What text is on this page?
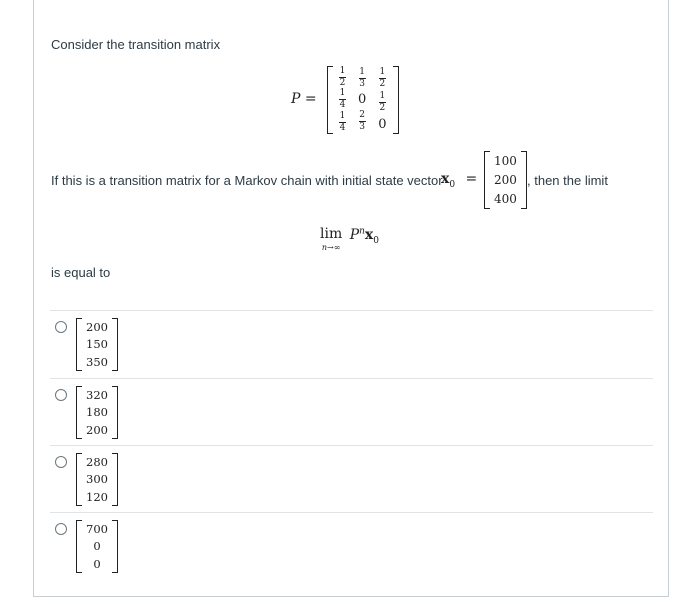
Consider the transition matrix
P =
$\frac{1}{2}$
$\frac{1}{4}$
$\frac{1}{4}$
$\frac{1}{3}$
0
$\frac{2}{3}$
$\frac{1}{2}$
$\frac{1}{2}$
0
If this is a transition matrix for a Markov chain with initial state vector
$x_0$ =
100
200
400
, then the limit
lim
n→∞
$P^nx_0$
is equal to
200
150
350
320
180
200
280
300
120
700
0
0
